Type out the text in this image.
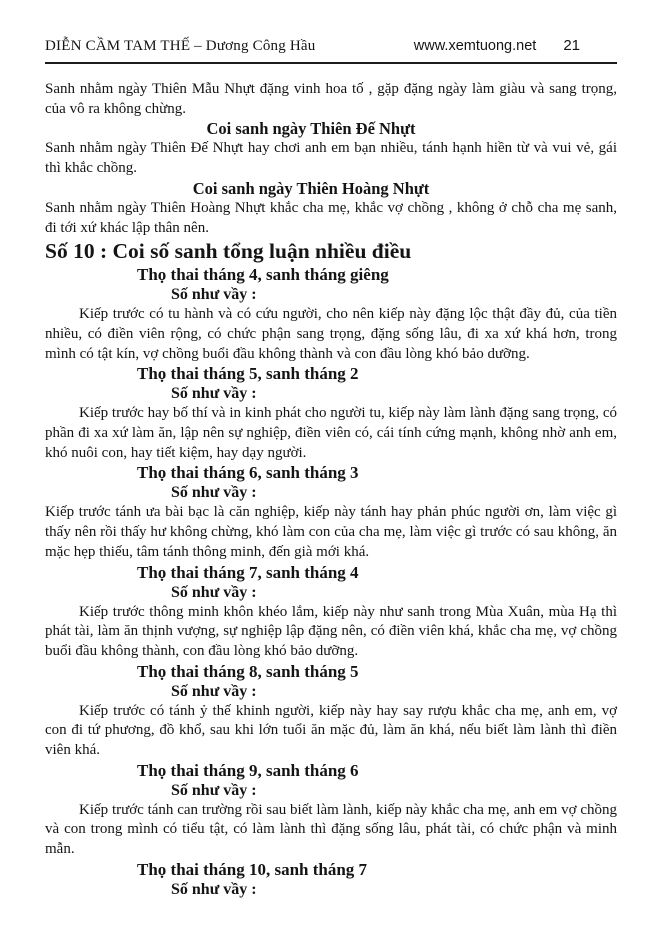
DIỄN CẦM TAM THẾ – Dương Công Hầu	www.xemtuong.net 21

Sanh nhằm ngày Thiên Mẫu Nhựt đặng vinh hoa tố , gặp đặng ngày làm giàu và sang trọng, của vô ra không chừng.

Coi sanh ngày Thiên Đế Nhựt

Sanh nhằm ngày Thiên Đế Nhựt hay chơi anh em bạn nhiều, tánh hạnh hiền từ và vui vẻ, gái thì khắc chồng.

Coi sanh ngày Thiên Hoàng Nhựt

Sanh nhằm ngày Thiên Hoàng Nhựt khắc cha mẹ, khắc vợ chồng , không ở chỗ cha mẹ sanh, đi tới xứ khác lập thân nên.

Số 10 : Coi số sanh tổng luận nhiều điều
Thọ thai tháng 4, sanh tháng giêng
Số như vầy :

Kiếp trước có tu hành và có cứu người, cho nên kiếp này đặng lộc thật đầy đủ, của tiền nhiều, có điền viên rộng, có chức phận sang trọng, đặng sống lâu, đi xa xứ khá hơn, trong mình có tật kín, vợ chồng buổi đầu không thành và con đầu lòng khó bảo dưỡng.

Thọ thai tháng 5, sanh tháng 2
Số như vầy :

Kiếp trước hay bố thí và in kinh phát cho người tu, kiếp này làm lành đặng sang trọng, có phần đi xa xứ làm ăn, lập nên sự nghiệp, điền viên có, cái tính cứng mạnh, không nhờ anh em, khó nuôi con, hay tiết kiệm, hay dạy người.

Thọ thai tháng 6, sanh tháng 3
Số như vầy :

Kiếp trước tánh ưa bài bạc là căn nghiệp, kiếp này tánh hay phản phúc người ơn, làm việc gì thấy nên rồi thấy hư không chừng, khó làm con của cha mẹ, làm việc gì trước có sau không, ăn mặc hẹp thiếu, tâm tánh thông minh, đến già mới khá.

Thọ thai tháng 7, sanh tháng 4
Số như vầy :

Kiếp trước thông minh khôn khéo lắm, kiếp này như sanh trong Mùa Xuân, mùa Hạ thì phát tài, làm ăn thịnh vượng, sự nghiệp lập đặng nên, có điền viên khá, khắc cha mẹ, vợ chồng buổi đầu không thành, con đầu lòng khó bảo dưỡng.

Thọ thai tháng 8, sanh tháng 5
Số như vầy :

Kiếp trước có tánh ỷ thế khinh người, kiếp này hay say rượu khắc cha mẹ, anh em, vợ con đi tứ phương, đồ khổ, sau khi lớn tuổi ăn mặc đủ, làm ăn khá, nếu biết làm lành thì điền viên khá.

Thọ thai tháng 9, sanh tháng 6
Số như vầy :

Kiếp trước tánh can trường rồi sau biết làm lành, kiếp này khắc cha mẹ, anh em vợ chồng và con trong mình có tiểu tật, có làm lành thì đặng sống lâu, phát tài, có chức phận và minh mẫn.

Thọ thai tháng 10, sanh tháng 7
Số như vầy :
